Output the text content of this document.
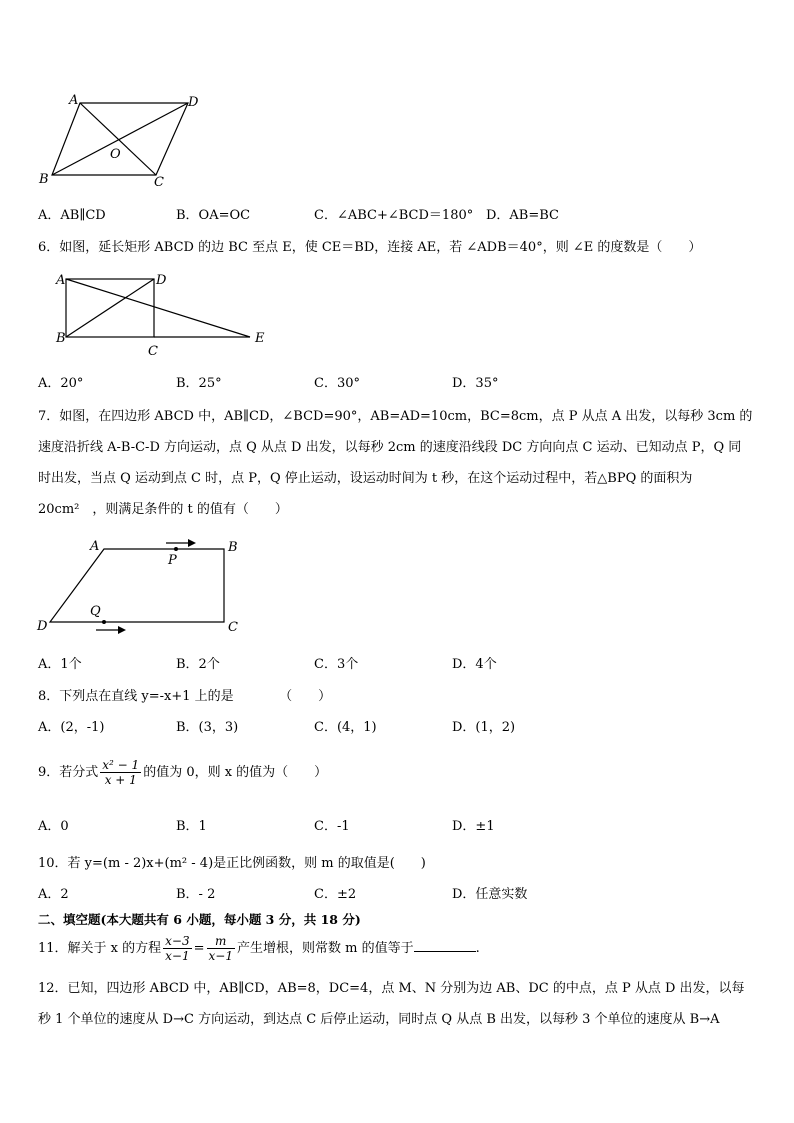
A	D
O
B	C
A．AB∥CD	B．OA=OC	C．∠ABC+∠BCD＝180° D．AB=BC
6．如图，延长矩形 ABCD 的边 BC 至点 E，使 CE＝BD，连接 AE，若 ∠ADB＝40°，则 ∠E 的度数是（　　）
A	D
B
C
E
A．20°	B．25°	C．30°	D．35°
7．如图，在四边形 ABCD 中，AB∥CD，∠BCD=90°，AB=AD=10cm，BC=8cm，点 P 从点 A 出发，以每秒 3cm 的
速度沿折线 A-B-C-D 方向运动，点 Q 从点 D 出发，以每秒 2cm 的速度沿线段 DC 方向向点 C 运动、已知动点 P，Q 同
时出发，当点 Q 运动到点 C 时，点 P，Q 停止运动，设运动时间为 t 秒，在这个运动过程中，若△BPQ 的面积为
20cm²　，则满足条件的 t 的值有（　　）
A	B
P
Q
D	C
A．1个	B．2个	C．3个	D．4个
8．下列点在直线 y=-x+1 上的是　　　　（　　）
A．(2，-1)	B．(3，3)	C．(4，1)	D．(1，2)
9．若分式 $\frac{\text{x² − 1}}{x + 1}$ 的值为 0，则 x 的值为（　　）
A．0	B．1	C．-1	D．±1
10．若 y=(m - 2)x+(m² - 4)是正比例函数，则 m 的取值是(　　)
A．2	B．- 2	C．±2	D．任意实数
二、填空题(本大题共有 6 小题，每小题 3 分，共 18 分)
11．解关于 x 的方程 $\frac{x-3}{x-1} = \frac{m}{x-1}$ 产生增根，则常数 m 的值等于	.
12．已知，四边形 ABCD 中，AB∥CD，AB=8，DC=4，点 M、N 分别为边 AB、DC 的中点，点 P 从点 D 出发，以每
秒 1 个单位的速度从 D→C 方向运动，到达点 C 后停止运动，同时点 Q 从点 B 出发，以每秒 3 个单位的速度从 B→A
